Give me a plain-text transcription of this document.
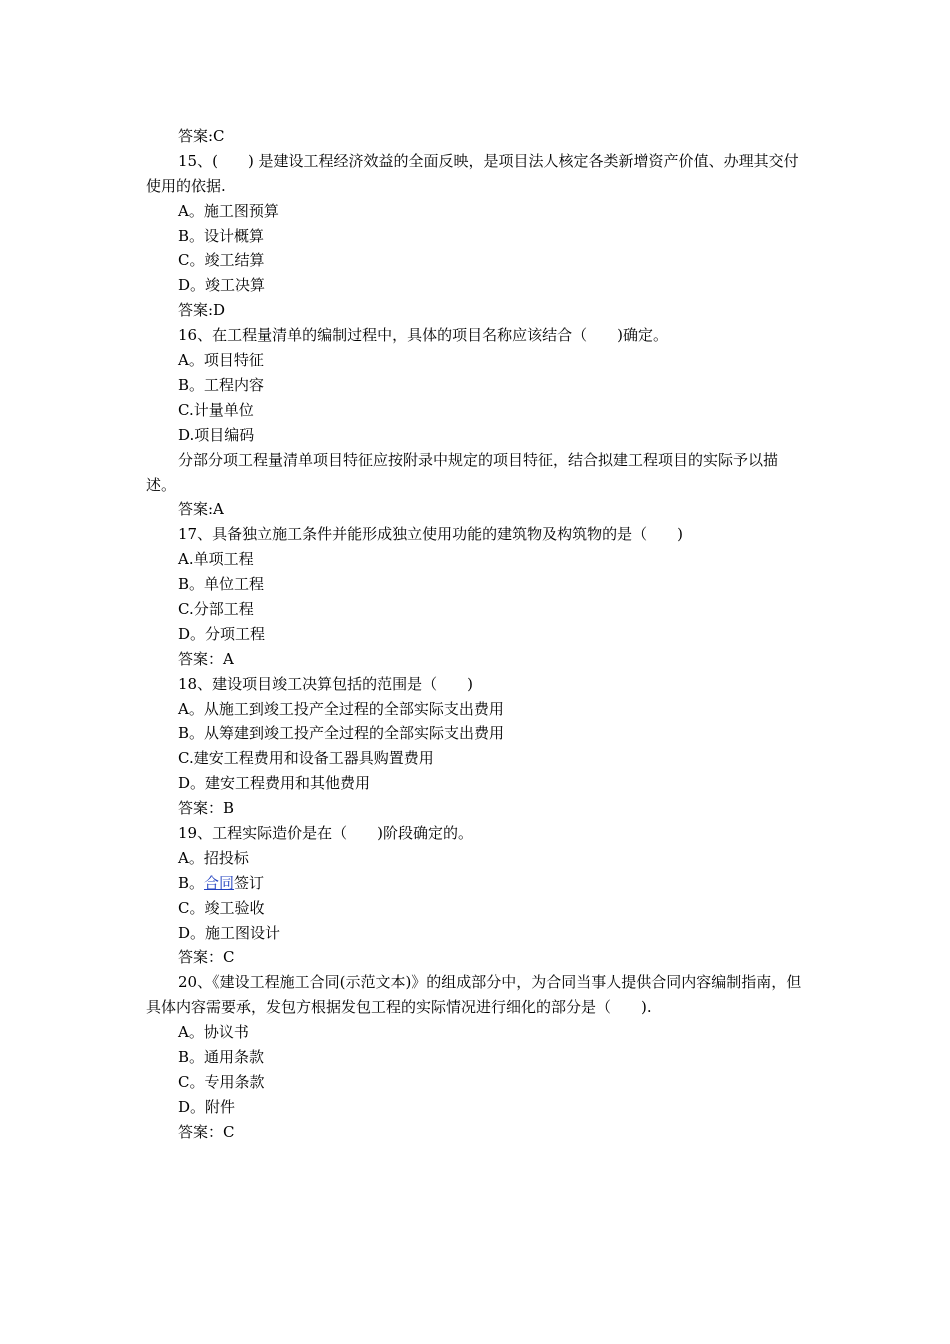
答案:C
15、(　　) 是建设工程经济效益的全面反映，是项目法人核定各类新增资产价值、办理其交付使用的依据.
A。施工图预算
B。设计概算
C。竣工结算
D。竣工决算
答案:D
16、在工程量清单的编制过程中，具体的项目名称应该结合（　　)确定。
A。项目特征
B。工程内容
C.计量单位
D.项目编码
分部分项工程量清单项目特征应按附录中规定的项目特征，结合拟建工程项目的实际予以描述。
答案:A
17、具备独立施工条件并能形成独立使用功能的建筑物及构筑物的是（　　)
A.单项工程
B。单位工程
C.分部工程
D。分项工程
答案：A
18、建设项目竣工决算包括的范围是（　　)
A。从施工到竣工投产全过程的全部实际支出费用
B。从筹建到竣工投产全过程的全部实际支出费用
C.建安工程费用和设备工器具购置费用
D。建安工程费用和其他费用
答案：B
19、工程实际造价是在（　　)阶段确定的。
A。招投标
B。合同签订
C。竣工验收
D。施工图设计
答案：C
20、《建设工程施工合同(示范文本)》的组成部分中，为合同当事人提供合同内容编制指南，但具体内容需要承，发包方根据发包工程的实际情况进行细化的部分是（　　).
A。协议书
B。通用条款
C。专用条款
D。附件
答案：C
